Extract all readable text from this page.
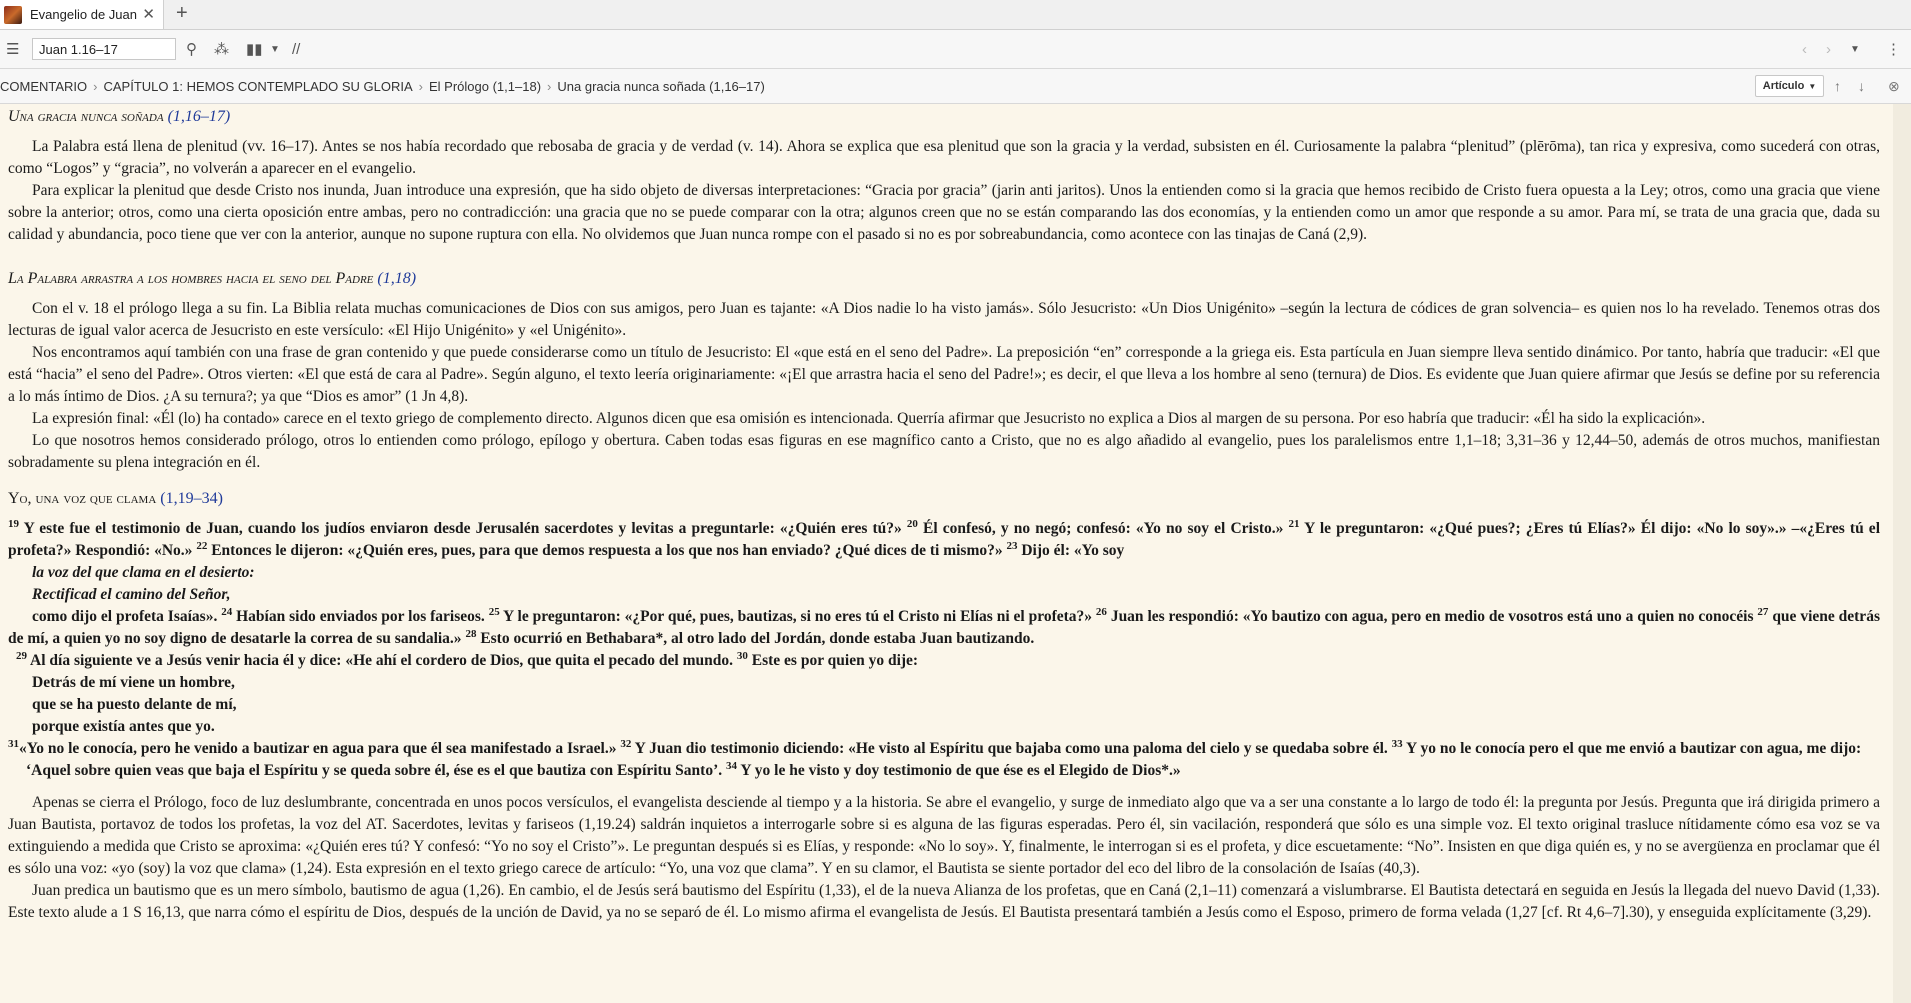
Evangelio de Juan ✕ +
☰
Juan 1.16–17	⚲ ⁂ ▮▮ ▼ //	‹ › ▼ ⋮
COMENTARIO › CAPÍTULO 1: HEMOS CONTEMPLADO SU GLORIA › El Prólogo (1,1–18) › Una gracia nunca soñada (1,16–17)	Artículo ▼ ↑ ↓ ⊗

Una gracia nunca soñada (1,16–17)

La Palabra está llena de plenitud (vv. 16–17). Antes se nos había recordado que rebosaba de gracia y de verdad (v. 14). Ahora se explica que esa plenitud que son la gracia y la verdad, subsisten en él. Curiosamente la palabra “plenitud” (plērōma), tan rica y expresiva, como sucederá con otras, como “Logos” y “gracia”, no volverán a aparecer en el evangelio.

Para explicar la plenitud que desde Cristo nos inunda, Juan introduce una expresión, que ha sido objeto de diversas interpretaciones: “Gracia por gracia” (jarin anti jaritos). Unos la entienden como si la gracia que hemos recibido de Cristo fuera opuesta a la Ley; otros, como una gracia que viene sobre la anterior; otros, como una cierta oposición entre ambas, pero no contradicción: una gracia que no se puede comparar con la otra; algunos creen que no se están comparando las dos economías, y la entienden como un amor que responde a su amor. Para mí, se trata de una gracia que, dada su calidad y abundancia, poco tiene que ver con la anterior, aunque no supone ruptura con ella. No olvidemos que Juan nunca rompe con el pasado si no es por sobreabundancia, como acontece con las tinajas de Caná (2,9).

La Palabra arrastra a los hombres hacia el seno del Padre (1,18)

Con el v. 18 el prólogo llega a su fin. La Biblia relata muchas comunicaciones de Dios con sus amigos, pero Juan es tajante: «A Dios nadie lo ha visto jamás». Sólo Jesucristo: «Un Dios Unigénito» –según la lectura de códices de gran solvencia– es quien nos lo ha revelado. Tenemos otras dos lecturas de igual valor acerca de Jesucristo en este versículo: «El Hijo Unigénito» y «el Unigénito».

Nos encontramos aquí también con una frase de gran contenido y que puede considerarse como un título de Jesucristo: El «que está en el seno del Padre». La preposición “en” corresponde a la griega eis. Esta partícula en Juan siempre lleva sentido dinámico. Por tanto, habría que traducir: «El que está “hacia” el seno del Padre». Otros vierten: «El que está de cara al Padre». Según alguno, el texto leería originariamente: «¡El que arrastra hacia el seno del Padre!»; es decir, el que lleva a los hombre al seno (ternura) de Dios. Es evidente que Juan quiere afirmar que Jesús se define por su referencia a lo más íntimo de Dios. ¿A su ternura?; ya que “Dios es amor” (1 Jn 4,8).

La expresión final: «Él (lo) ha contado» carece en el texto griego de complemento directo. Algunos dicen que esa omisión es intencionada. Querría afirmar que Jesucristo no explica a Dios al margen de su persona. Por eso habría que traducir: «Él ha sido la explicación».

Lo que nosotros hemos considerado prólogo, otros lo entienden como prólogo, epílogo y obertura. Caben todas esas figuras en ese magnífico canto a Cristo, que no es algo añadido al evangelio, pues los paralelismos entre 1,1–18; 3,31–36 y 12,44–50, además de otros muchos, manifiestan sobradamente su plena integración en él.

Yo, una voz que clama (1,19–34)

$^{19}$ Y este fue el testimonio de Juan, cuando los judíos enviaron desde Jerusalén sacerdotes y levitas a preguntarle: «¿Quién eres tú?» $^{20}$ Él confesó, y no negó; confesó: «Yo no soy el Cristo.» $^{21}$ Y le preguntaron: «¿Qué pues?; ¿Eres tú Elías?» Él dijo: «No lo soy».» –«¿Eres tú el profeta?» Respondió: «No.» $^{22}$ Entonces le dijeron: «¿Quién eres, pues, para que demos respuesta a los que nos han enviado? ¿Qué dices de ti mismo?» $^{23}$ Dijo él: «Yo soy

la voz del que clama en el desierto:

Rectificad el camino del Señor,

como dijo el profeta Isaías». $^{24}$ Habían sido enviados por los fariseos. $^{25}$ Y le preguntaron: «¿Por qué, pues, bautizas, si no eres tú el Cristo ni Elías ni el profeta?» $^{26}$ Juan les respondió: «Yo bautizo con agua, pero en medio de vosotros está uno a quien no conocéis $^{27}$ que viene detrás de mí, a quien yo no soy digno de desatarle la correa de su sandalia.» $^{28}$ Esto ocurrió en Bethabara*, al otro lado del Jordán, donde estaba Juan bautizando.

$^{29}$ Al día siguiente ve a Jesús venir hacia él y dice: «He ahí el cordero de Dios, que quita el pecado del mundo. $^{30}$ Este es por quien yo dije:

Detrás de mí viene un hombre,

que se ha puesto delante de mí,

porque existía antes que yo.

$^{31}$«Yo no le conocía, pero he venido a bautizar en agua para que él sea manifestado a Israel.» $^{32}$ Y Juan dio testimonio diciendo: «He visto al Espíritu que bajaba como una paloma del cielo y se quedaba sobre él. $^{33}$ Y yo no le conocía pero el que me envió a bautizar con agua, me dijo:

‘Aquel sobre quien veas que baja el Espíritu y se queda sobre él, ése es el que bautiza con Espíritu Santo’. $^{34}$ Y yo le he visto y doy testimonio de que ése es el Elegido de Dios*.»

Apenas se cierra el Prólogo, foco de luz deslumbrante, concentrada en unos pocos versículos, el evangelista desciende al tiempo y a la historia. Se abre el evangelio, y surge de inmediato algo que va a ser una constante a lo largo de todo él: la pregunta por Jesús. Pregunta que irá dirigida primero a Juan Bautista, portavoz de todos los profetas, la voz del AT. Sacerdotes, levitas y fariseos (1,19.24) saldrán inquietos a interrogarle sobre si es alguna de las figuras esperadas. Pero él, sin vacilación, responderá que sólo es una simple voz. El texto original trasluce nítidamente cómo esa voz se va extinguiendo a medida que Cristo se aproxima: «¿Quién eres tú? Y confesó: “Yo no soy el Cristo”». Le preguntan después si es Elías, y responde: «No lo soy». Y, finalmente, le interrogan si es el profeta, y dice escuetamente: “No”. Insisten en que diga quién es, y no se avergüenza en proclamar que él es sólo una voz: «yo (soy) la voz que clama» (1,24). Esta expresión en el texto griego carece de artículo: “Yo, una voz que clama”. Y en su clamor, el Bautista se siente portador del eco del libro de la consolación de Isaías (40,3).

Juan predica un bautismo que es un mero símbolo, bautismo de agua (1,26). En cambio, el de Jesús será bautismo del Espíritu (1,33), el de la nueva Alianza de los profetas, que en Caná (2,1–11) comenzará a vislumbrarse. El Bautista detectará en seguida en Jesús la llegada del nuevo David (1,33). Este texto alude a 1 S 16,13, que narra cómo el espíritu de Dios, después de la unción de David, ya no se separó de él. Lo mismo afirma el evangelista de Jesús. El Bautista presentará también a Jesús como el Esposo, primero de forma velada (1,27 [cf. Rt 4,6–7].30), y enseguida explícitamente (3,29).
